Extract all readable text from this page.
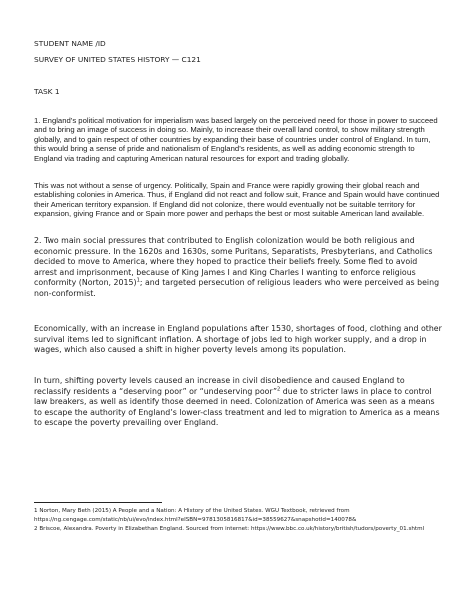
STUDENT NAME /ID
SURVEY OF UNITED STATES HISTORY — C121
TASK 1

1. England’s political motivation for imperialism was based largely on the perceived need for those in power to succeed and to bring an image of success in doing so. Mainly, to increase their overall land control, to show military strength globally, and to gain respect of other countries by expanding their base of countries under control of England. In turn, this would bring a sense of pride and nationalism of England’s residents, as well as adding economic strength to England via trading and capturing American natural resources for export and trading globally.

This was not without a sense of urgency. Politically, Spain and France were rapidly growing their global reach and establishing colonies in America. Thus, if England did not react and follow suit, France and Spain would have continued their American territory expansion. If England did not colonize, there would eventually not be suitable territory for expansion, giving France and or Spain more power and perhaps the best or most suitable American land available.

2. Two main social pressures that contributed to English colonization would be both religious and economic pressure. In the 1620s and 1630s, some Puritans, Separatists, Presbyterians, and Catholics decided to move to America, where they hoped to practice their beliefs freely. Some fled to avoid arrest and imprisonment, because of King James I and King Charles I wanting to enforce religious conformity (Norton, 2015)$^1$; and targeted persecution of religious leaders who were perceived as being non-conformist.

Economically, with an increase in England populations after 1530, shortages of food, clothing and other survival items led to significant inflation. A shortage of jobs led to high worker supply, and a drop in wages, which also caused a shift in higher poverty levels among its population.

In turn, shifting poverty levels caused an increase in civil disobedience and caused England to reclassify residents a “deserving poor” or “undeserving poor”$^2$ due to stricter laws in place to control law breakers, as well as identify those deemed in need. Colonization of America was seen as a means to escape the authority of England’s lower-class treatment and led to migration to America as a means to escape the poverty prevailing over England.

1 Norton, Mary Beth (2015) A People and a Nation: A History of the United States. WGU Textbook, retrieved from https://ng.cengage.com/static/nb/ui/evo/index.html?eISBN=9781305816817&id=38559627&snapshotId=140078&

2 Briscoe, Alexandra. Poverty in Elizabethan England. Sourced from internet: https://www.bbc.co.uk/history/british/tudors/poverty_01.shtml
